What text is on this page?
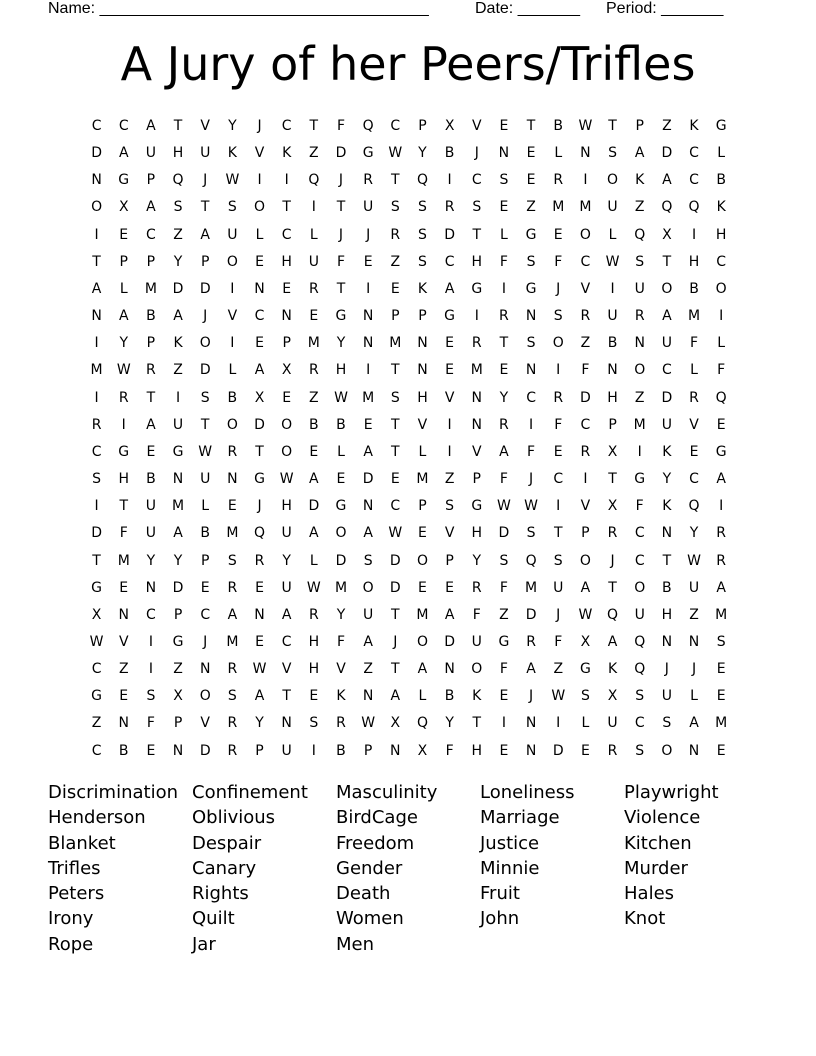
Name: _____________________________________	Date: _______ Period: _______
A Jury of her Peers/Trifles
C	C	A	T	V	Y	J	C	T	F	Q	C	P	X	V	E	T	B	W	T	P	Z	K	G
D	A	U	H	U	K	V	K	Z	D	G	W	Y	B	J	N	E	L	N	S	A	D	C	L
N	G	P	Q	J	W	I	I	Q	J	R	T	Q	I	C	S	E	R	I	O	K	A	C	B
O	X	A	S	T	S	O	T	I	T	U	S	S	R	S	E	Z	M	M	U	Z	Q	Q	K
I	E	C	Z	A	U	L	C	L	J	J	R	S	D	T	L	G	E	O	L	Q	X	I	H
T	P	P	Y	P	O	E	H	U	F	E	Z	S	C	H	F	S	F	C	W	S	T	H	C
A	L	M	D	D	I	N	E	R	T	I	E	K	A	G	I	G	J	V	I	U	O	B	O
N	A	B	A	J	V	C	N	E	G	N	P	P	G	I	R	N	S	R	U	R	A	M	I
I	Y	P	K	O	I	E	P	M	Y	N	M	N	E	R	T	S	O	Z	B	N	U	F	L
M	W	R	Z	D	L	A	X	R	H	I	T	N	E	M	E	N	I	F	N	O	C	L	F
I	R	T	I	S	B	X	E	Z	W	M	S	H	V	N	Y	C	R	D	H	Z	D	R	Q
R	I	A	U	T	O	D	O	B	B	E	T	V	I	N	R	I	F	C	P	M	U	V	E
C	G	E	G	W	R	T	O	E	L	A	T	L	I	V	A	F	E	R	X	I	K	E	G
S	H	B	N	U	N	G	W	A	E	D	E	M	Z	P	F	J	C	I	T	G	Y	C	A
I	T	U	M	L	E	J	H	D	G	N	C	P	S	G	W W	I	V	X	F	K	Q	I
D	F	U	A	B	M	Q	U	A	O	A	W	E	V	H	D	S	T	P	R	C	N	Y	R
T	M	Y	Y	P	S	R	Y	L	D	S	D	O	P	Y	S	Q	S	O	J	C	T	W	R
G	E	N	D	E	R	E	U	W	M	O	D	E	E	R	F	M	U	A	T	O	B	U	A
X	N	C	P	C	A	N	A	R	Y	U	T	M	A	F	Z	D	J	W	Q	U	H	Z	M
W	V	I	G	J	M	E	C	H	F	A	J	O	D	U	G	R	F	X	A	Q	N	N	S
C	Z	I	Z	N	R	W	V	H	V	Z	T	A	N	O	F	A	Z	G	K	Q	J	J	E
G	E	S	X	O	S	A	T	E	K	N	A	L	B	K	E	J	W	S	X	S	U	L	E
Z	N	F	P	V	R	Y	N	S	R	W	X	Q	Y	T	I	N	I	L	U	C	S	A	M
C	B	E	N	D	R	P	U	I	B	P	N	X	F	H	E	N	D	E	R	S	O	N	E
Discrimination
Henderson
Blanket
Trifles
Peters
Irony
Rope
Confinement
Oblivious
Despair
Canary
Rights
Quilt
Jar
Masculinity
BirdCage
Freedom
Gender
Death
Women
Men
Loneliness
Marriage
Justice
Minnie
Fruit
John
Playwright
Violence
Kitchen
Murder
Hales
Knot
